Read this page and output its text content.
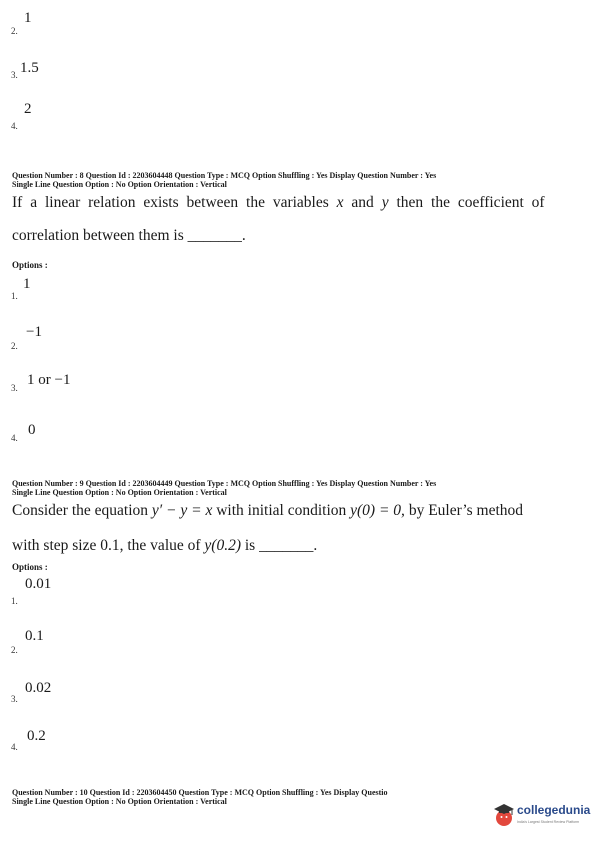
1
2.
1.5
3.
2
4.
Question Number : 8 Question Id : 2203604448 Question Type : MCQ Option Shuffling : Yes Display Question Number : Yes
Single Line Question Option : No Option Orientation : Vertical
If a linear relation exists between the variables x and y then the coefficient of
correlation between them is _______.
Options :
1
1.
−1
2.
1 or −1
3.
0
4.
Question Number : 9 Question Id : 2203604449 Question Type : MCQ Option Shuffling : Yes Display Question Number : Yes
Single Line Question Option : No Option Orientation : Vertical
Consider the equation y′ − y = x with initial condition y(0) = 0, by Euler’s method
with step size 0.1, the value of y(0.2) is _______.
Options :
0.01
1.
0.1
2.
0.02
3.
0.2
4.
Question Number : 10 Question Id : 2203604450 Question Type : MCQ Option Shuffling : Yes Display Questio
Single Line Question Option : No Option Orientation : Vertical
collegedunia
India's Largest Student Review Platform
